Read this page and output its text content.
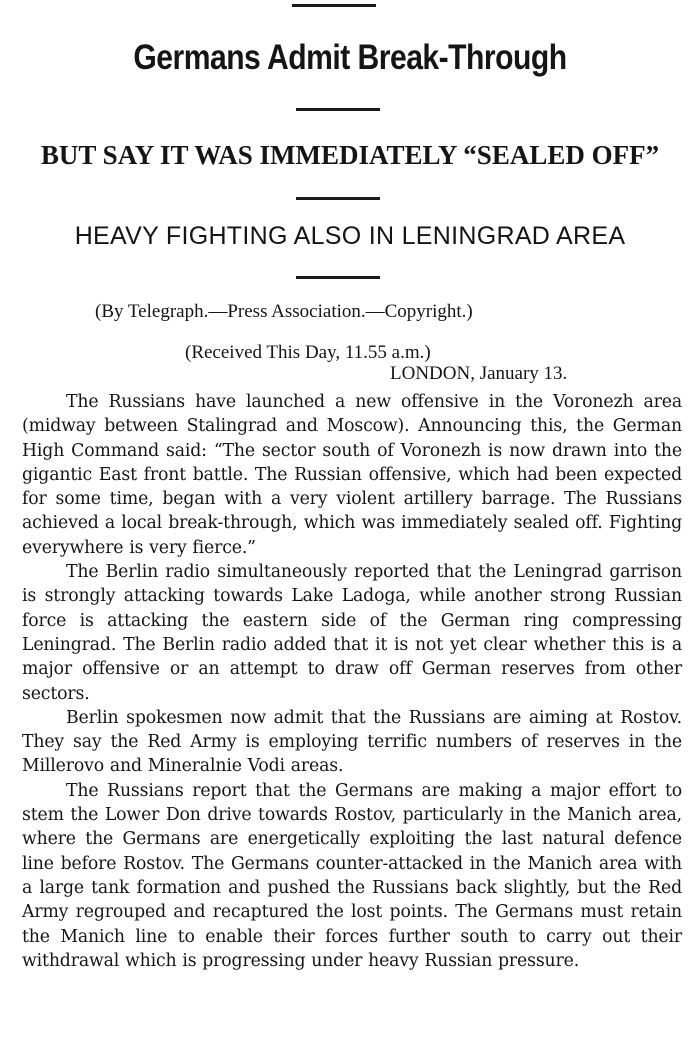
Germans Admit Break-Through
BUT SAY IT WAS IMMEDIATELY “SEALED OFF”
HEAVY FIGHTING ALSO IN LENINGRAD AREA
(By Telegraph.—Press Association.—Copyright.)
(Received This Day, 11.55 a.m.)
LONDON, January 13.

The Russians have launched a new offensive in the Voronezh area (midway between Stalingrad and Moscow). Announcing this, the German High Command said: “The sector south of Voronezh is now drawn into the gigantic East front battle. The Russian offensive, which had been expected for some time, began with a very violent artillery barrage. The Russians achieved a local break-through, which was immediately sealed off. Fighting everywhere is very fierce.”

The Berlin radio simultaneously reported that the Leningrad garrison is strongly attacking towards Lake Ladoga, while another strong Russian force is attacking the eastern side of the German ring compressing Leningrad. The Berlin radio added that it is not yet clear whether this is a major offensive or an attempt to draw off German reserves from other sectors.

Berlin spokesmen now admit that the Russians are aiming at Rostov. They say the Red Army is employing terrific numbers of reserves in the Millerovo and Mineralnie Vodi areas.

The Russians report that the Germans are making a major effort to stem the Lower Don drive towards Rostov, particularly in the Manich area, where the Germans are energetically exploiting the last natural defence line before Rostov. The Germans counter-attacked in the Manich area with a large tank formation and pushed the Russians back slightly, but the Red Army regrouped and recaptured the lost points. The Germans must retain the Manich line to enable their forces further south to carry out their withdrawal which is progressing under heavy Russian pressure.
